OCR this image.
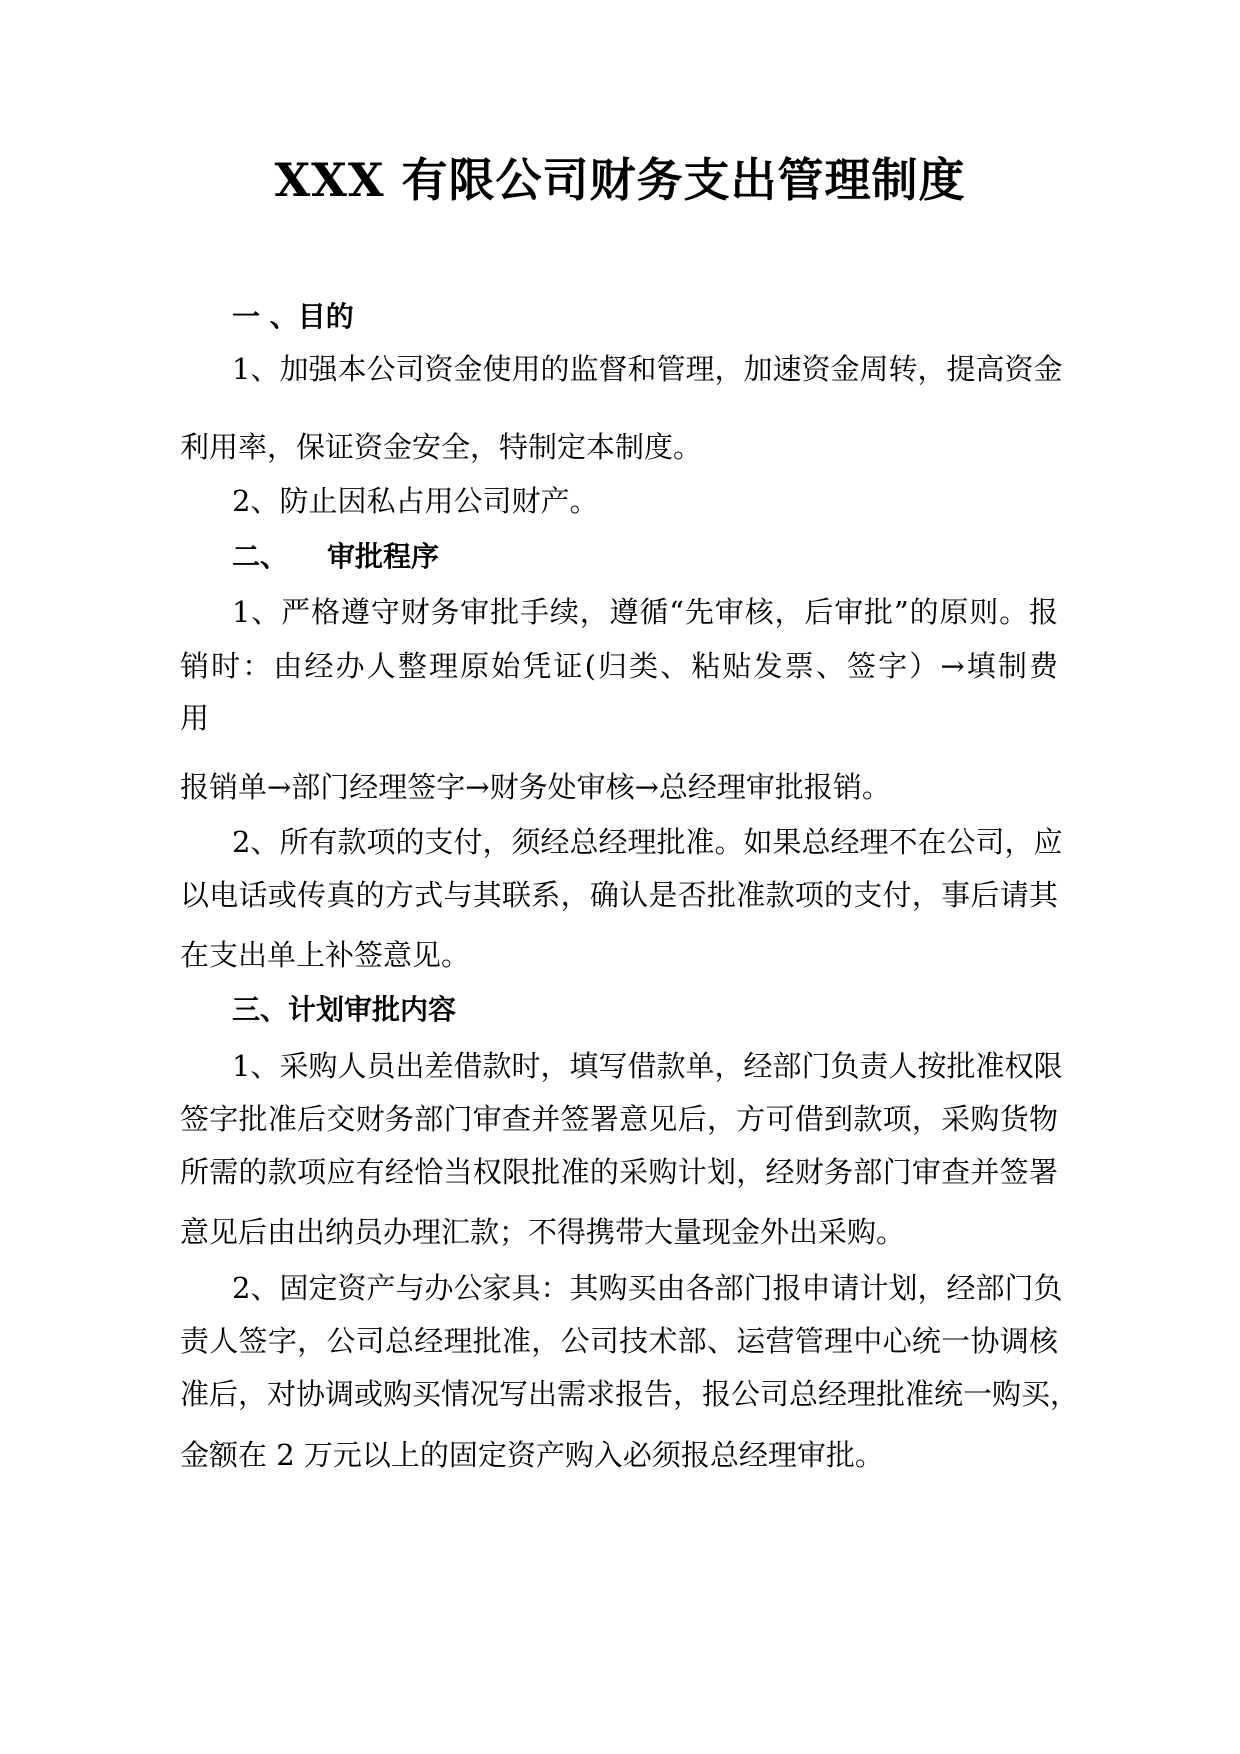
XXX 有限公司财务支出管理制度
一 、目的
1、加强本公司资金使用的监督和管理，加速资金周转，提高资金
利用率，保证资金安全，特制定本制度。
2、防止因私占用公司财产。
二、    审批程序
1、严格遵守财务审批手续，遵循“先审核，后审批”的原则。报
销时：由经办人整理原始凭证(归类、粘贴发票、签字）→填制费
用
报销单→部门经理签字→财务处审核→总经理审批报销。
2、所有款项的支付，须经总经理批准。如果总经理不在公司，应
以电话或传真的方式与其联系，确认是否批准款项的支付，事后请其
在支出单上补签意见。
三、计划审批内容
1、采购人员出差借款时，填写借款单，经部门负责人按批准权限
签字批准后交财务部门审查并签署意见后，方可借到款项，采购货物
所需的款项应有经恰当权限批准的采购计划，经财务部门审查并签署
意见后由出纳员办理汇款；不得携带大量现金外出采购。
2、固定资产与办公家具：其购买由各部门报申请计划，经部门负
责人签字，公司总经理批准，公司技术部、运营管理中心统一协调核
准后，对协调或购买情况写出需求报告，报公司总经理批准统一购买，
金额在 2 万元以上的固定资产购入必须报总经理审批。
